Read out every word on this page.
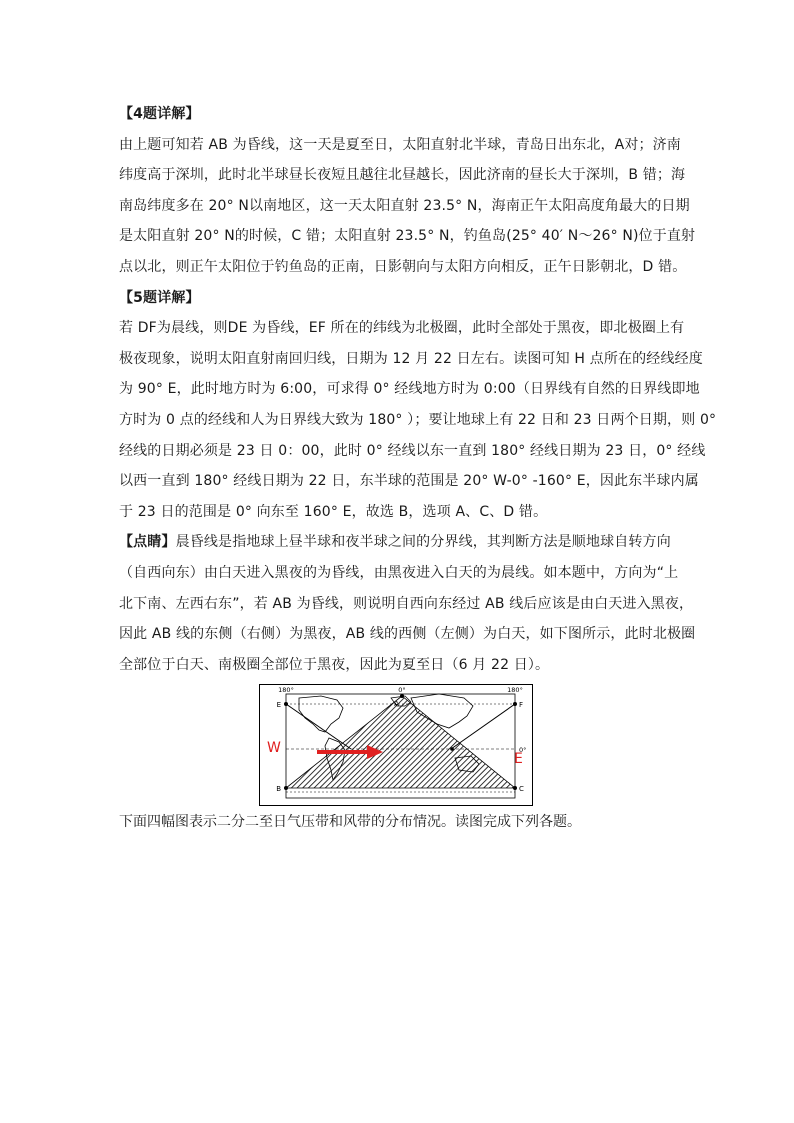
【4题详解】
由上题可知若 AB 为昏线，这一天是夏至日，太阳直射北半球，青岛日出东北，A对；济南
纬度高于深圳，此时北半球昼长夜短且越往北昼越长，因此济南的昼长大于深圳，B 错；海
南岛纬度多在 20° N以南地区，这一天太阳直射 23.5° N，海南正午太阳高度角最大的日期
是太阳直射 20° N的时候，C 错；太阳直射 23.5° N，钓鱼岛(25° 40′ N～26° N)位于直射
点以北，则正午太阳位于钓鱼岛的正南，日影朝向与太阳方向相反，正午日影朝北，D 错。
【5题详解】
若 DF为晨线，则DE 为昏线，EF 所在的纬线为北极圈，此时全部处于黑夜，即北极圈上有
极夜现象，说明太阳直射南回归线，日期为 12 月 22 日左右。读图可知 H 点所在的经线经度
为 90° E，此时地方时为 6:00，可求得 0° 经线地方时为 0:00（日界线有自然的日界线即地
方时为 0 点的经线和人为日界线大致为 180° ）；要让地球上有 22 日和 23 日两个日期，则 0°
经线的日期必须是 23 日 0：00，此时 0° 经线以东一直到 180° 经线日期为 23 日，0° 经线
以西一直到 180° 经线日期为 22 日，东半球的范围是 20° W-0° -160° E，因此东半球内属
于 23 日的范围是 0° 向东至 160° E，故选 B，选项 A、C、D 错。
【点睛】晨昏线是指地球上昼半球和夜半球之间的分界线，其判断方法是顺地球自转方向
（自西向东）由白天进入黑夜的为昏线，由黑夜进入白天的为晨线。如本题中，方向为“上
北下南、左西右东”，若 AB 为昏线，则说明自西向东经过 AB 线后应该是由白天进入黑夜，
因此 AB 线的东侧（右侧）为黑夜，AB 线的西侧（左侧）为白天，如下图所示，此时北极圈
全部位于白天、南极圈全部位于黑夜，因此为夏至日（6 月 22 日）。
180°	0°	180°
0°
A
E	F
B	C
W
E
下面四幅图表示二分二至日气压带和风带的分布情况。读图完成下列各题。
